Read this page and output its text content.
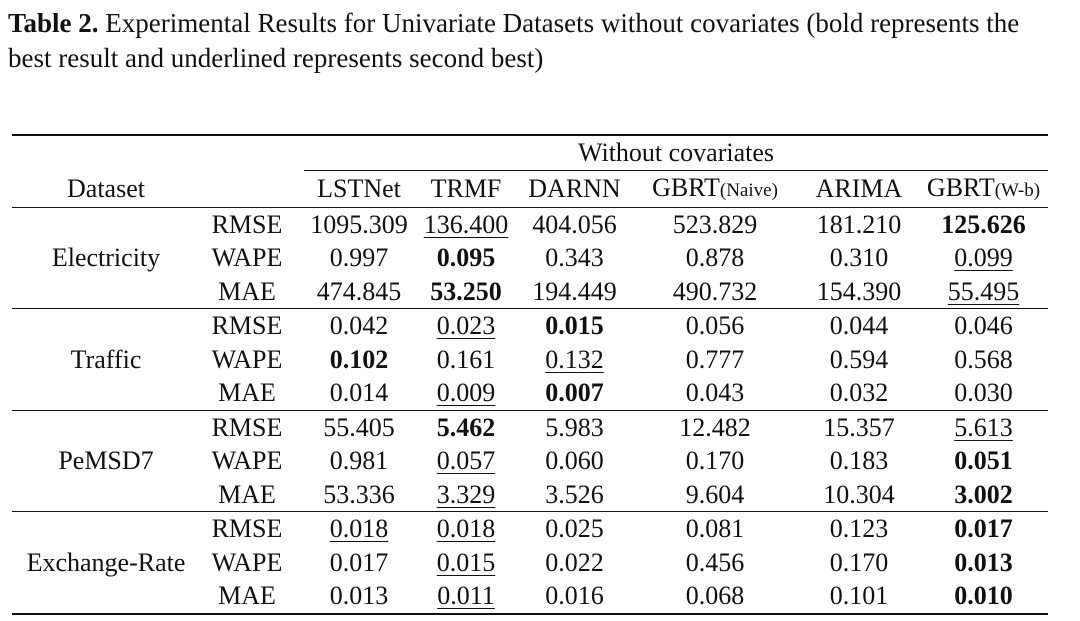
Table 2. Experimental Results for Univariate Datasets without covariates (bold represents the best result and underlined represents second best)
		Without covariates					
Dataset		LSTNet	TRMF	DARNN	GBRT(Naive)	ARIMA	GBRT(W-b)
Electricity	RMSE	1095.309	136.400	404.056	523.829	181.210	125.626
	WAPE	0.997	0.095	0.343	0.878	0.310	0.099
	MAE	474.845	53.250	194.449	490.732	154.390	55.495
Traffic	RMSE	0.042	0.023	0.015	0.056	0.044	0.046
	WAPE	0.102	0.161	0.132	0.777	0.594	0.568
	MAE	0.014	0.009	0.007	0.043	0.032	0.030
PeMSD7	RMSE	55.405	5.462	5.983	12.482	15.357	5.613
	WAPE	0.981	0.057	0.060	0.170	0.183	0.051
	MAE	53.336	3.329	3.526	9.604	10.304	3.002
Exchange-Rate	RMSE	0.018	0.018	0.025	0.081	0.123	0.017
	WAPE	0.017	0.015	0.022	0.456	0.170	0.013
	MAE	0.013	0.011	0.016	0.068	0.101	0.010
